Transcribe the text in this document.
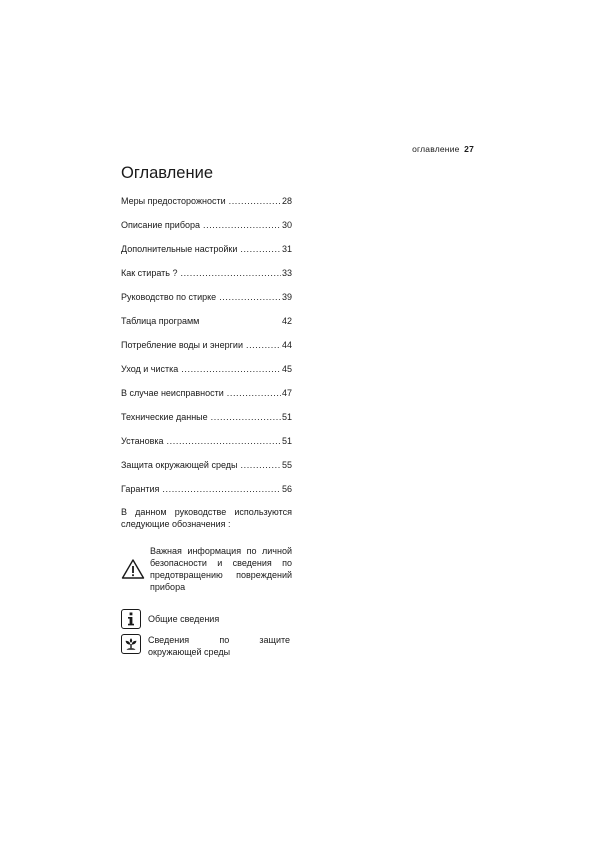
оглавление 27
Оглавление
Меры предосторожности .....	28
Описание прибора .....	30
Дополнительные настройки .....	31
Как стирать ? .....	33
Руководство по стирке .....	39
Таблица программ	42
Потребление воды и энергии .....	44
Уход и чистка .....	45
В случае неисправности .....	47
Технические данные .....	51
Установка .....	51
Защита окружающей среды .....	55
Гарантия .....	56
В данном руководстве используются следующие обозначения :
Важная информация по личной безопасности и сведения по предотвращению повреждений прибора
Общие сведения
Сведения по защите окружающей среды
